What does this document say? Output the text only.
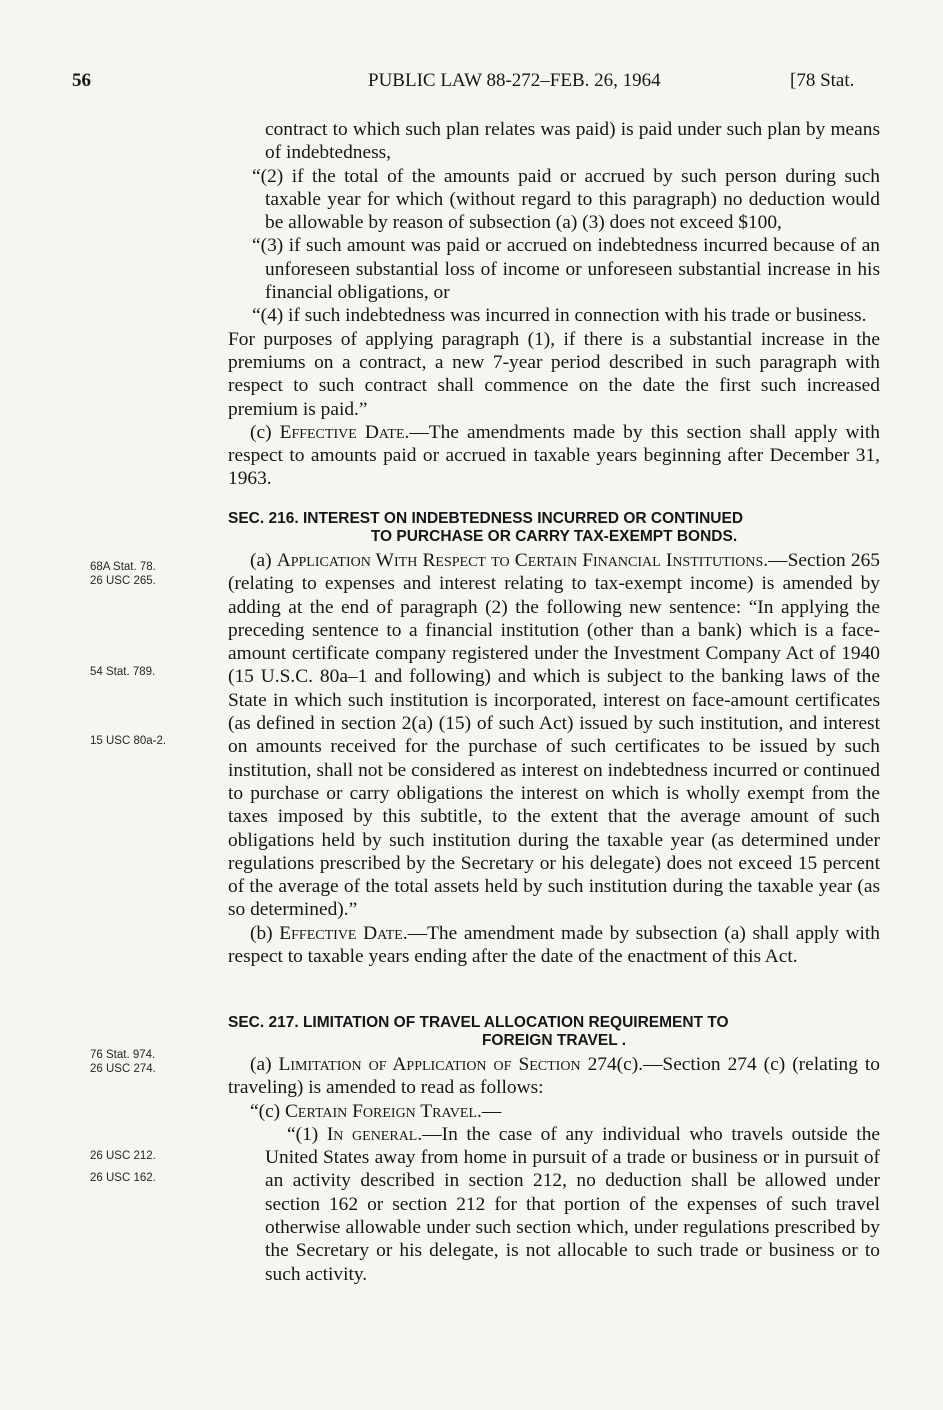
56	PUBLIC LAW 88-272–FEB. 26, 1964	[78 Stat.

contract to which such plan relates was paid) is paid under such plan by means of indebtedness,

“(2) if the total of the amounts paid or accrued by such person during such taxable year for which (without regard to this paragraph) no deduction would be allowable by reason of subsection (a) (3) does not exceed $100,

“(3) if such amount was paid or accrued on indebtedness incurred because of an unforeseen substantial loss of income or unforeseen substantial increase in his financial obligations, or

“(4) if such indebtedness was incurred in connection with his trade or business.

For purposes of applying paragraph (1), if there is a substantial increase in the premiums on a contract, a new 7-year period described in such paragraph with respect to such contract shall commence on the date the first such increased premium is paid.”

(c) Effective Date.—The amendments made by this section shall apply with respect to amounts paid or accrued in taxable years beginning after December 31, 1963.

SEC. 216. INTEREST ON INDEBTEDNESS INCURRED OR CONTINUED
TO PURCHASE OR CARRY TAX-EXEMPT BONDS.

(a) Application With Respect to Certain Financial Institutions.—Section 265 (relating to expenses and interest relating to tax-exempt income) is amended by adding at the end of paragraph (2) the following new sentence: “In applying the preceding sentence to a financial institution (other than a bank) which is a face-amount certificate company registered under the Investment Company Act of 1940 (15 U.S.C. 80a–1 and following) and which is subject to the banking laws of the State in which such institution is incorporated, interest on face-amount certificates (as defined in section 2(a) (15) of such Act) issued by such institution, and interest on amounts received for the purchase of such certificates to be issued by such institution, shall not be considered as interest on indebtedness incurred or continued to purchase or carry obligations the interest on which is wholly exempt from the taxes imposed by this subtitle, to the extent that the average amount of such obligations held by such institution during the taxable year (as determined under regulations prescribed by the Secretary or his delegate) does not exceed 15 percent of the average of the total assets held by such institution during the taxable year (as so determined).”

(b) Effective Date.—The amendment made by subsection (a) shall apply with respect to taxable years ending after the date of the enactment of this Act.

SEC. 217. LIMITATION OF TRAVEL ALLOCATION REQUIREMENT TO
FOREIGN TRAVEL .

(a) Limitation of Application of Section 274(c).—Section 274 (c) (relating to traveling) is amended to read as follows:

“(c) Certain Foreign Travel.—

“(1) In general.—In the case of any individual who travels outside the United States away from home in pursuit of a trade or business or in pursuit of an activity described in section 212, no deduction shall be allowed under section 162 or section 212 for that portion of the expenses of such travel otherwise allowable under such section which, under regulations prescribed by the Secretary or his delegate, is not allocable to such trade or business or to such activity.

68A Stat. 78.
26 USC 265.
54 Stat. 789.
15 USC 80a-2.
76 Stat. 974.
26 USC 274.
26 USC 212.
26 USC 162.
